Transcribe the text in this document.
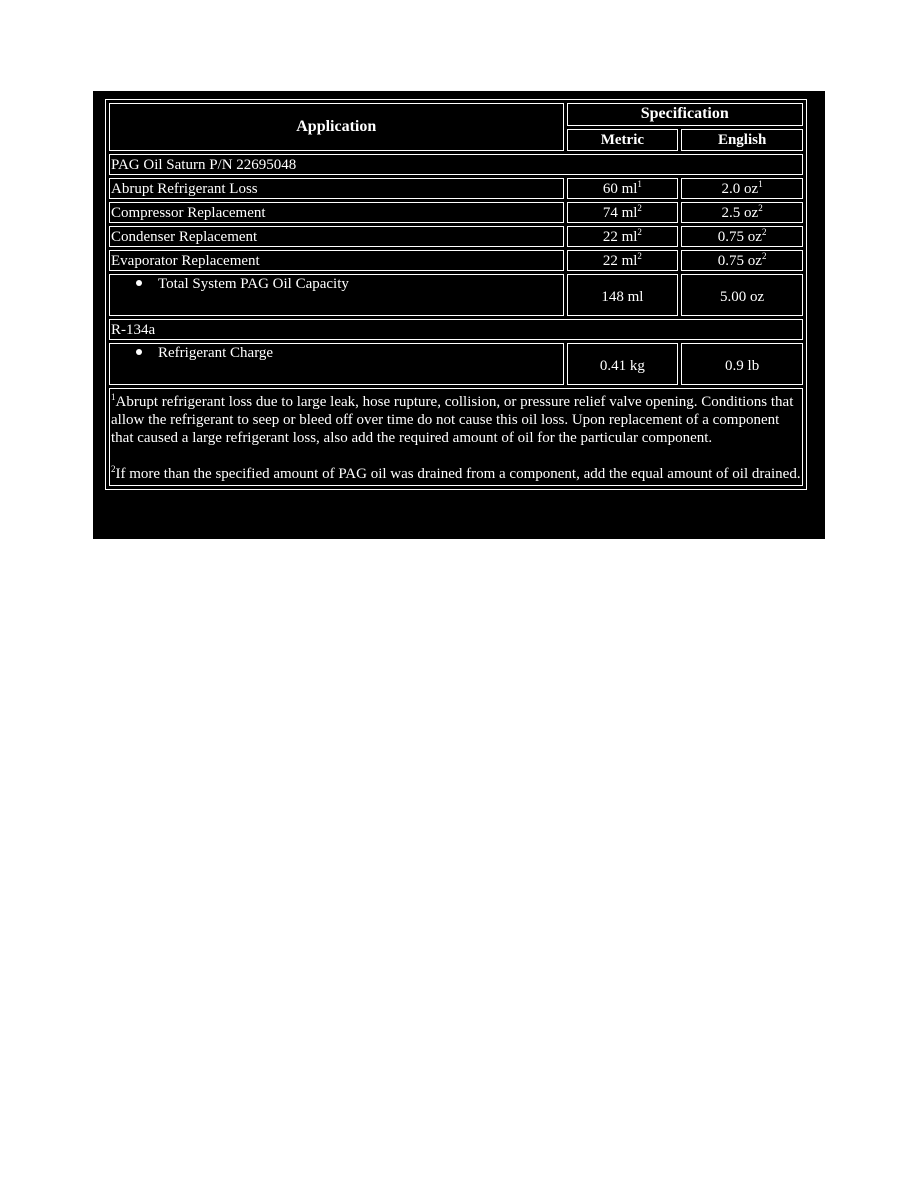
Application	Specification	
	Metric	English
PAG Oil Saturn P/N 22695048		
Abrupt Refrigerant Loss	60 $ml^1$	2.0 $oz^1$
Compressor Replacement	74 $ml^2$	2.5 $oz^2$
Condenser Replacement	22 $ml^2$	0.75 $oz^2$
Evaporator Replacement	22 $ml^2$	0.75 $oz^2$
Total System PAG Oil Capacity	148 ml	5.00 oz
R-134a		
Refrigerant Charge	0.41 kg	0.9 lb

$^1$Abrupt refrigerant loss due to large leak, hose rupture, collision, or pressure relief valve opening. Conditions that allow the refrigerant to seep or bleed off over time do not cause this oil loss. Upon replacement of a component that caused a large refrigerant loss, also add the required amount of oil for the particular component.

$^2$If more than the specified amount of PAG oil was drained from a component, add the equal amount of oil drained.		
